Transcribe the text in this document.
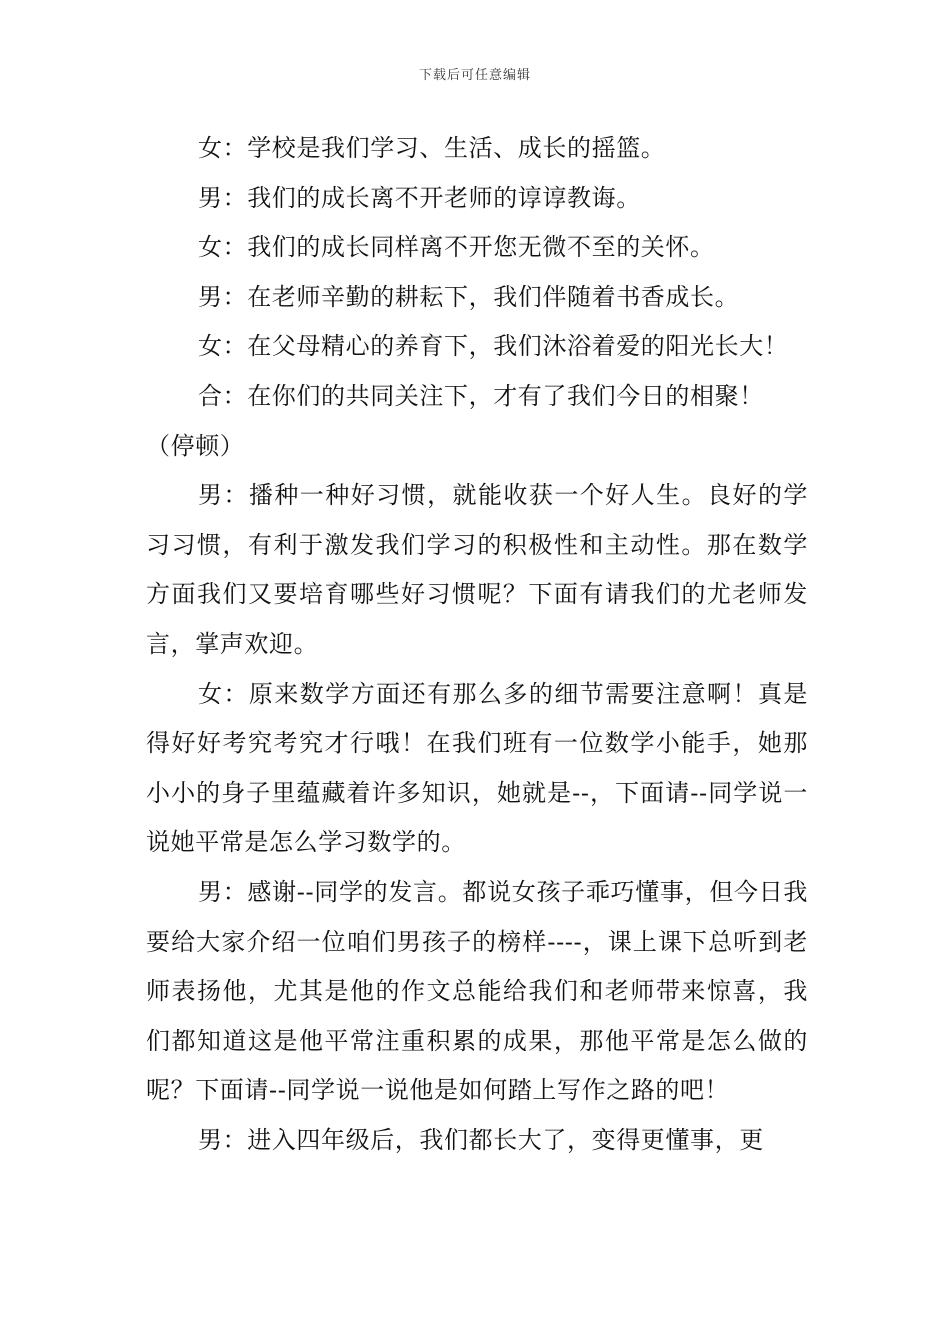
下载后可任意编辑

女：学校是我们学习、生活、成长的摇篮。

男：我们的成长离不开老师的谆谆教诲。

女：我们的成长同样离不开您无微不至的关怀。

男：在老师辛勤的耕耘下，我们伴随着书香成长。

女：在父母精心的养育下，我们沐浴着爱的阳光长大！

合：在你们的共同关注下，才有了我们今日的相聚！

（停顿）

男：播种一种好习惯，就能收获一个好人生。良好的学习习惯，有利于激发我们学习的积极性和主动性。那在数学方面我们又要培育哪些好习惯呢？下面有请我们的尤老师发言，掌声欢迎。

女：原来数学方面还有那么多的细节需要注意啊！真是得好好考究考究才行哦！在我们班有一位数学小能手，她那小小的身子里蕴藏着许多知识，她就是--，下面请--同学说一说她平常是怎么学习数学的。

男：感谢--同学的发言。都说女孩子乖巧懂事，但今日我要给大家介绍一位咱们男孩子的榜样----，课上课下总听到老师表扬他，尤其是他的作文总能给我们和老师带来惊喜，我们都知道这是他平常注重积累的成果，那他平常是怎么做的呢？下面请--同学说一说他是如何踏上写作之路的吧！

男：进入四年级后，我们都长大了，变得更懂事，更
